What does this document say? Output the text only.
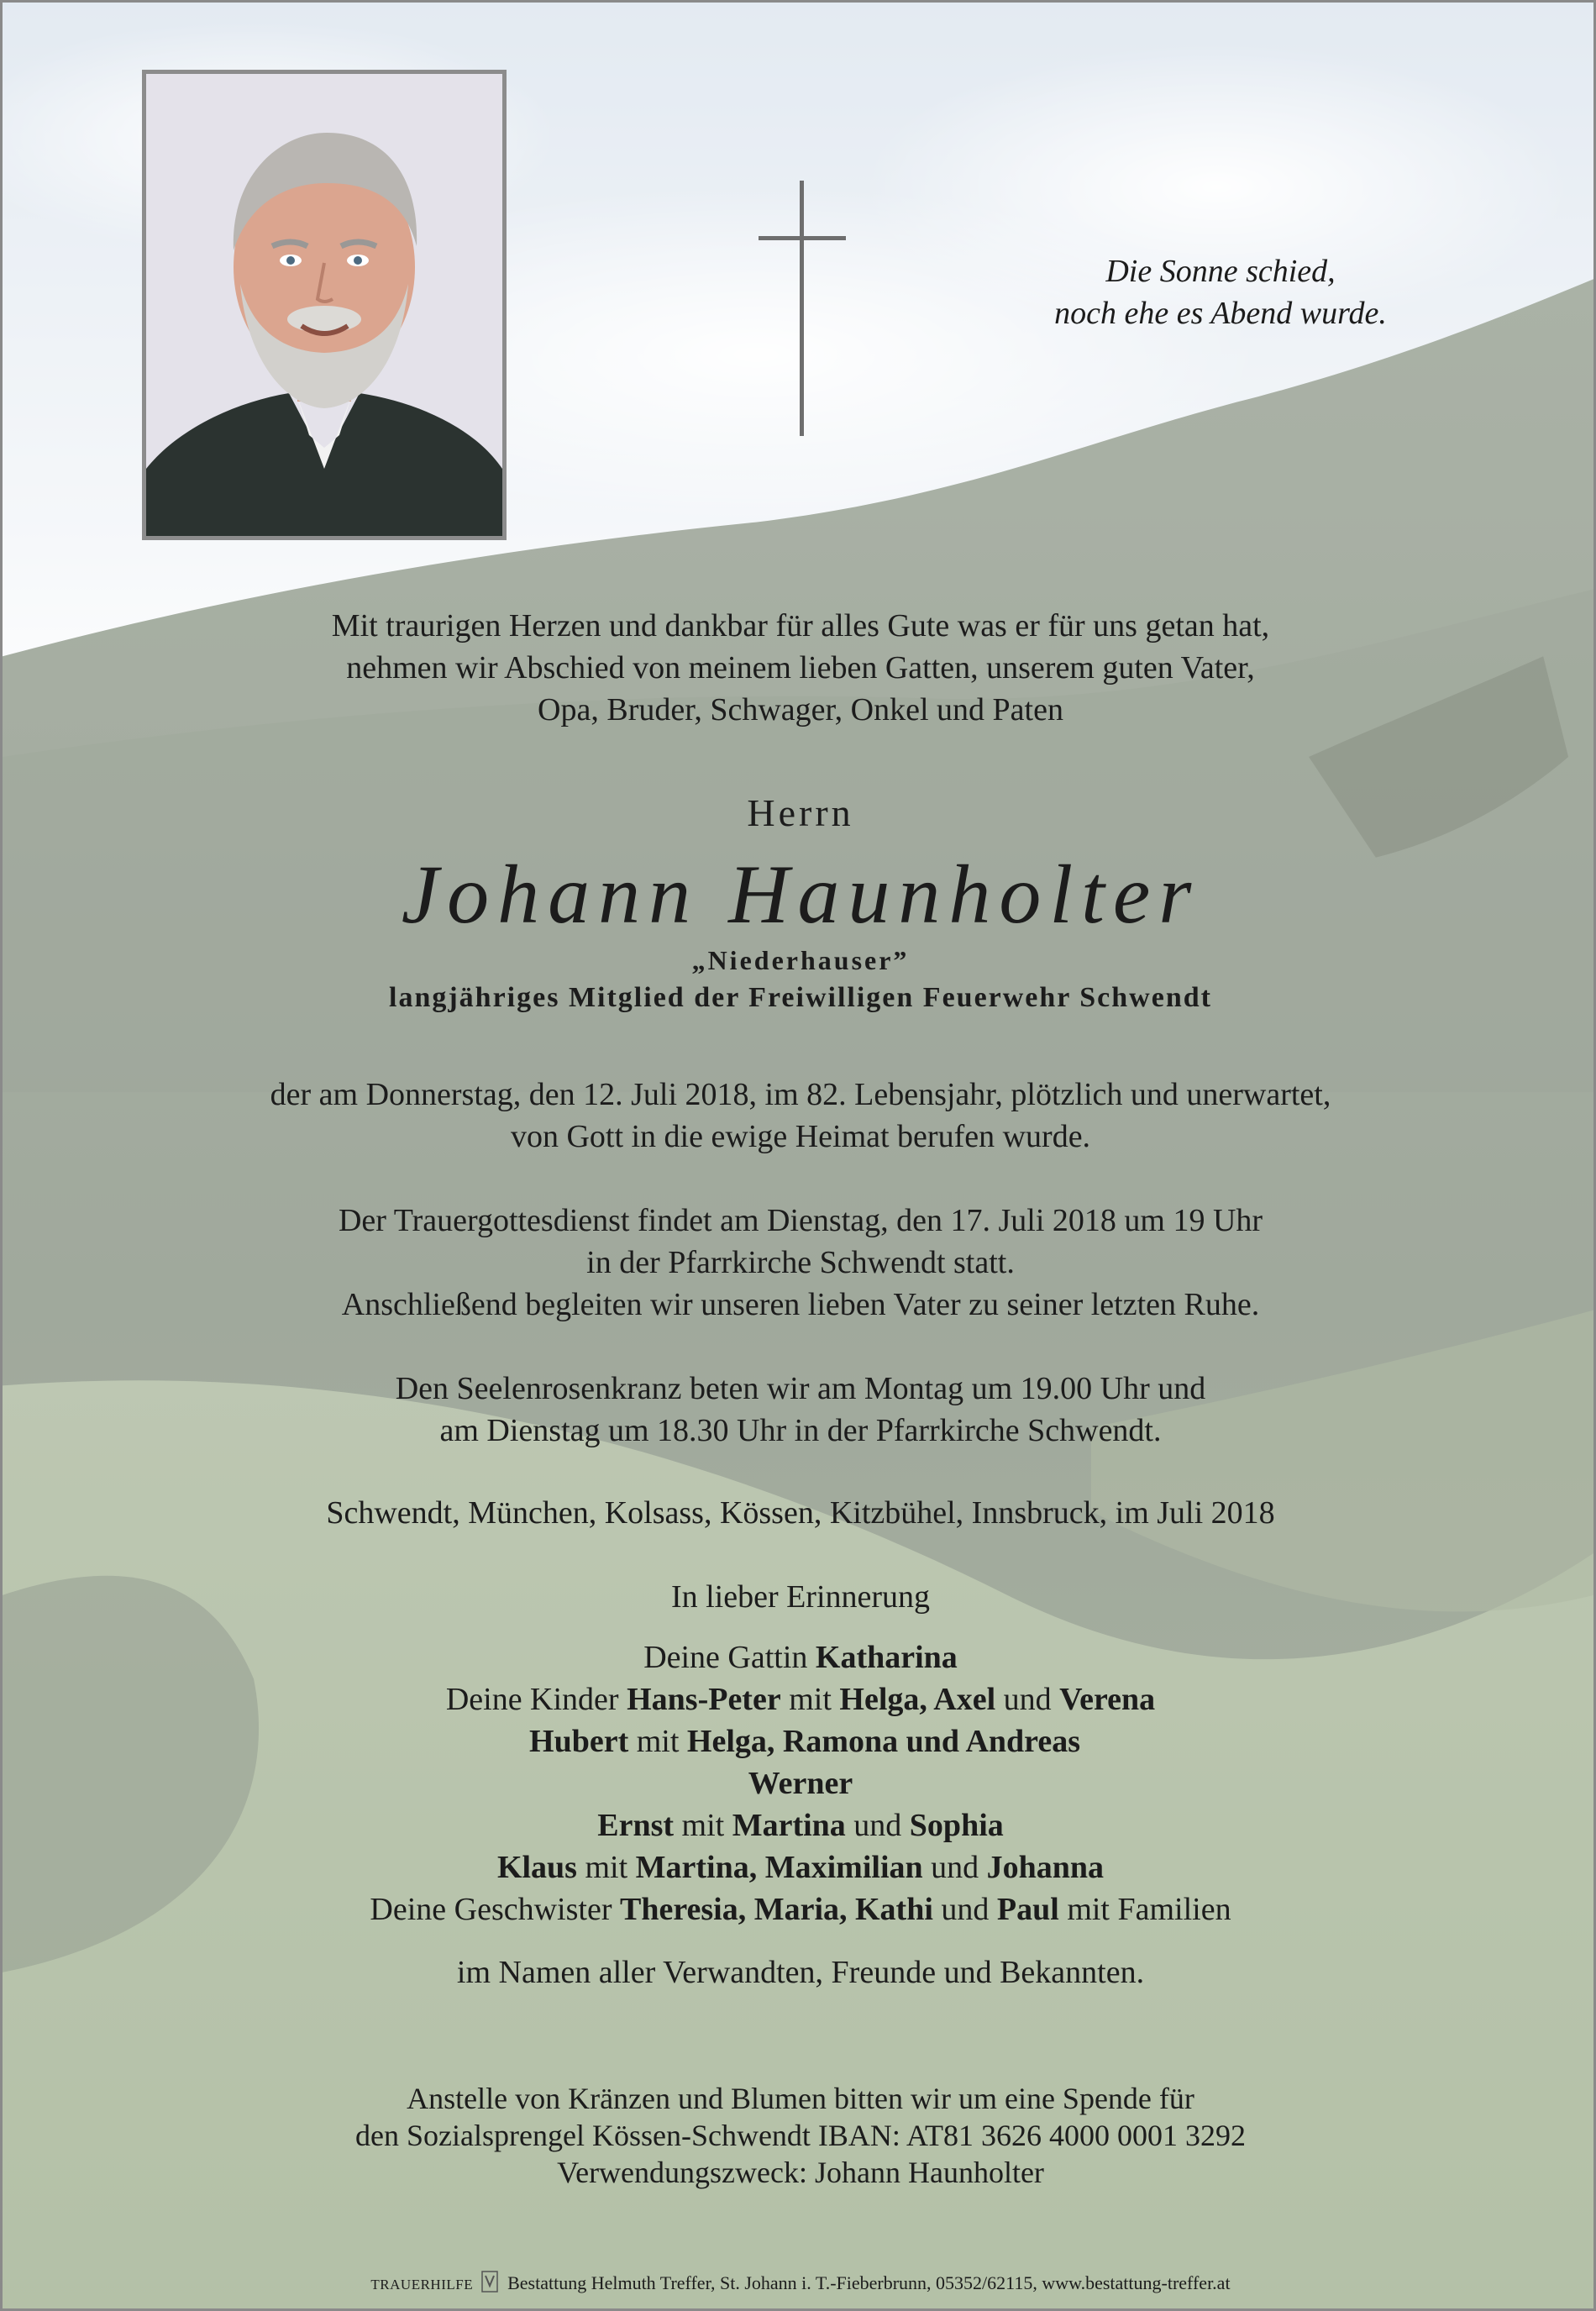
Die Sonne schied,
noch ehe es Abend wurde.
Mit traurigen Herzen und dankbar für alles Gute was er für uns getan hat,
nehmen wir Abschied von meinem lieben Gatten, unserem guten Vater,
Opa, Bruder, Schwager, Onkel und Paten
Herrn
Johann Haunholter
„Niederhauser”
langjähriges Mitglied der Freiwilligen Feuerwehr Schwendt
der am Donnerstag, den 12. Juli 2018, im 82. Lebensjahr, plötzlich und unerwartet,
von Gott in die ewige Heimat berufen wurde.
Der Trauergottesdienst findet am Dienstag, den 17. Juli 2018 um 19 Uhr
in der Pfarrkirche Schwendt statt.
Anschließend begleiten wir unseren lieben Vater zu seiner letzten Ruhe.
Den Seelenrosenkranz beten wir am Montag um 19.00 Uhr und
am Dienstag um 18.30 Uhr in der Pfarrkirche Schwendt.
Schwendt, München, Kolsass, Kössen, Kitzbühel, Innsbruck, im Juli 2018
In lieber Erinnerung
Deine Gattin Katharina
Deine Kinder Hans-Peter mit Helga, Axel und Verena
Hubert mit Helga, Ramona und Andreas
Werner
Ernst mit Martina und Sophia
Klaus mit Martina, Maximilian und Johanna
Deine Geschwister Theresia, Maria, Kathi und Paul mit Familien
im Namen aller Verwandten, Freunde und Bekannten.
Anstelle von Kränzen und Blumen bitten wir um eine Spende für
den Sozialsprengel Kössen-Schwendt IBAN: AT81 3626 4000 0001 3292
Verwendungszweck: Johann Haunholter
TRAUERHILFE Bestattung Helmuth Treffer, St. Johann i. T.-Fieberbrunn, 05352/62115, www.bestattung-treffer.at
